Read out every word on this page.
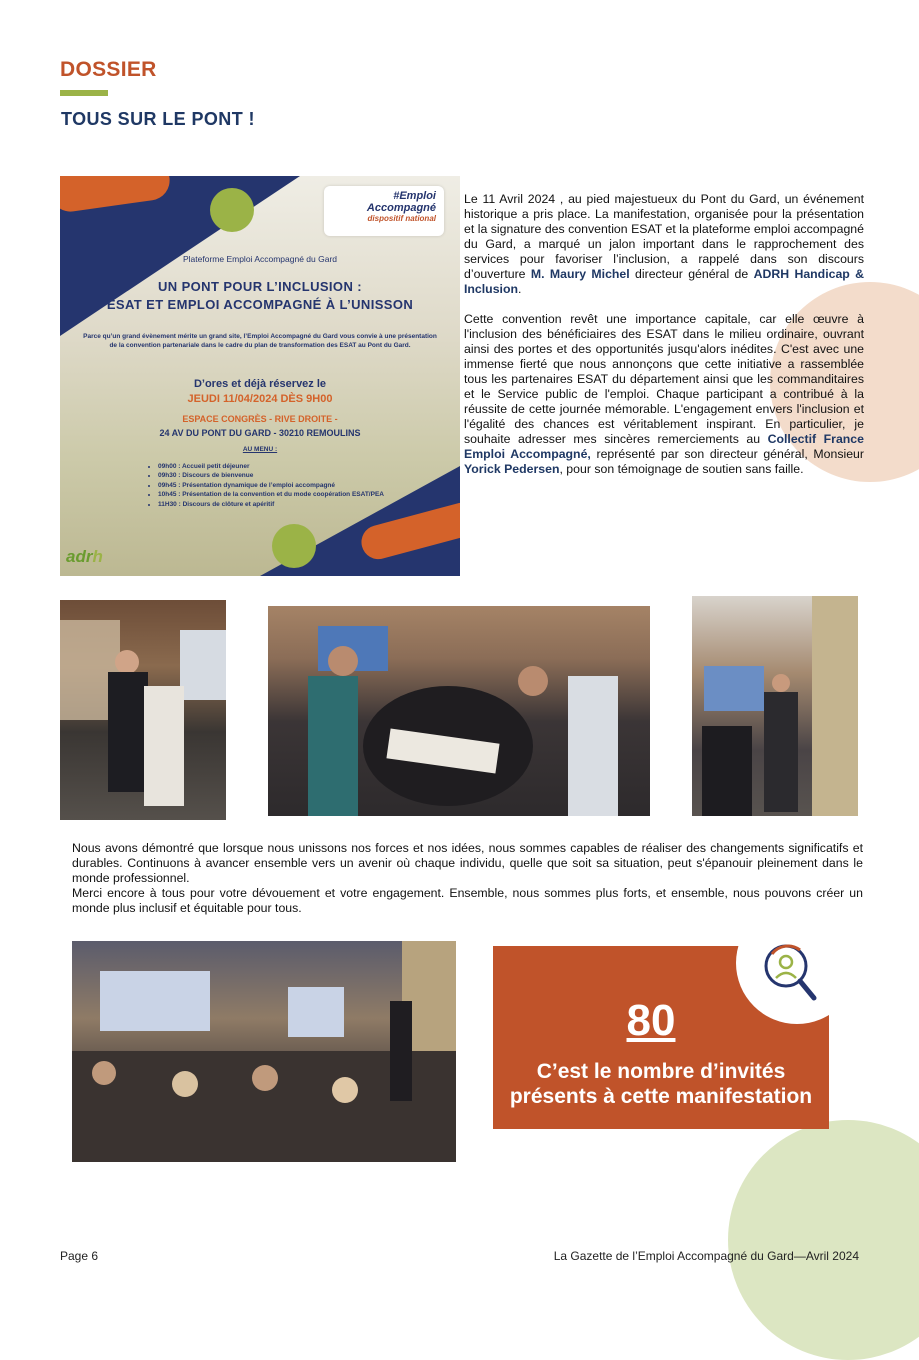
DOSSIER
TOUS SUR LE PONT !
#Emploi
Accompagné
dispositif national
Plateforme Emploi Accompagné du Gard
UN PONT POUR L’INCLUSION :
ESAT ET EMPLOI ACCOMPAGNÉ À L’UNISSON
Parce qu’un grand évènement mérite un grand site, l’Emploi Accompagné du Gard vous convie à une présentation de la convention partenariale dans le cadre du plan de transformation des ESAT au Pont du Gard.
D’ores et déjà réservez le
JEUDI 11/04/2024 DÈS 9H00
ESPACE CONGRÈS - RIVE DROITE -
24 AV DU PONT DU GARD - 30210 REMOULINS
AU MENU :
• 09h00 : Accueil petit déjeuner
• 09h30 : Discours de bienvenue
• 09h45 : Présentation dynamique de l’emploi accompagné
• 10h45 : Présentation de la convention et du mode coopération ESAT/PEA
• 11H30 : Discours de clôture et apéritif
adrh
Le 11 Avril 2024 , au pied majestueux du Pont du Gard, un événement historique a pris place. La manifestation, organisée pour la présentation et la signature des convention ESAT et la plateforme emploi accompagné du Gard, a marqué un jalon important dans le rapprochement des services pour favoriser l’inclusion, a rappelé dans son discours d’ouverture M. Maury Michel directeur général de ADRH Handicap & Inclusion.
Cette convention revêt une importance capitale, car elle œuvre à l'inclusion des bénéficiaires des ESAT dans le milieu ordinaire, ouvrant ainsi des portes et des opportunités jusqu'alors inédites. C'est avec une immense fierté que nous annonçons que cette initiative a rassemblée tous les partenaires ESAT du département ainsi que les commanditaires et le Service public de l'emploi. Chaque participant a contribué à la réussite de cette journée mémorable. L'engagement envers l'inclusion et l'égalité des chances est véritablement inspirant. En particulier, je souhaite adresser mes sincères remerciements au Collectif France Emploi Accompagné, représenté par son directeur général, Monsieur Yorick Pedersen, pour son témoignage de soutien sans faille.
Nous avons démontré que lorsque nous unissons nos forces et nos idées, nous sommes capables de réaliser des changements significatifs et durables. Continuons à avancer ensemble vers un avenir où chaque individu, quelle que soit sa situation, peut s'épanouir pleinement dans le monde professionnel.
Merci encore à tous pour votre dévouement et votre engagement. Ensemble, nous sommes plus forts, et ensemble, nous pouvons créer un monde plus inclusif et équitable pour tous.
80
C’est le nombre d’invités présents à cette manifestation
Page 6	La Gazette de l’Emploi Accompagné du Gard—Avril 2024
